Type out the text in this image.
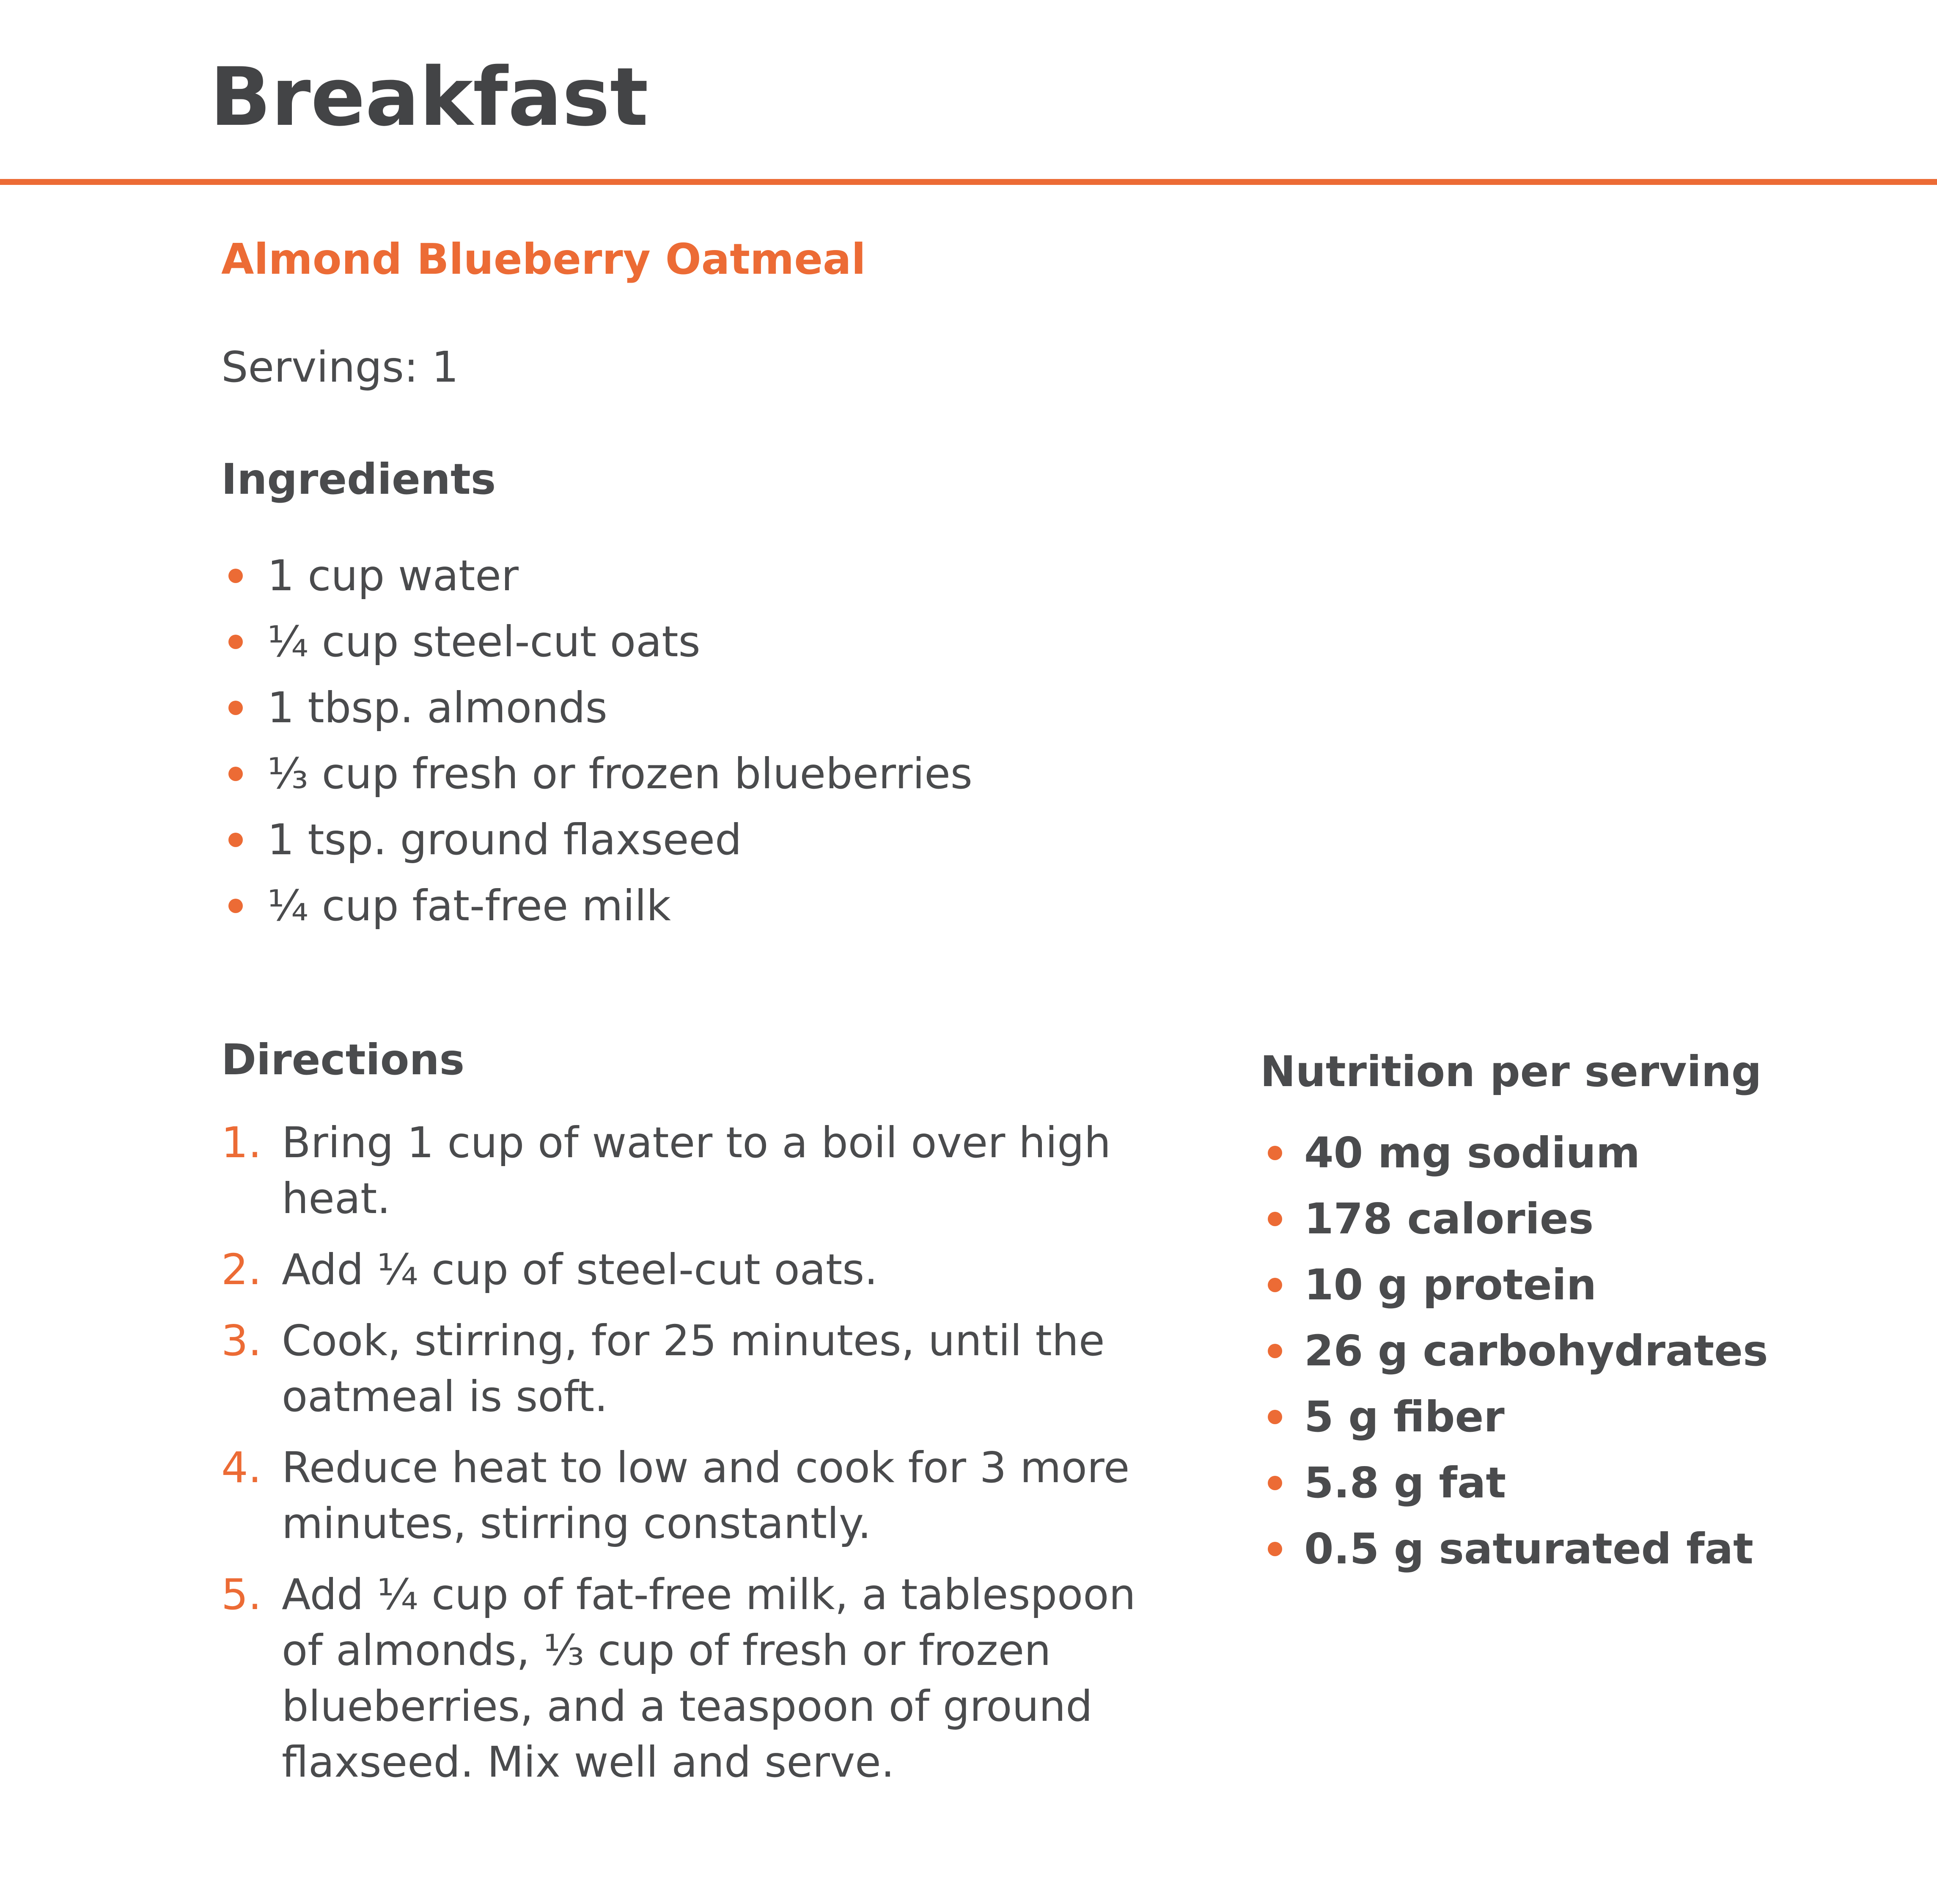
Breakfast
Almond Blueberry Oatmeal
Servings: 1
Ingredients
1 cup water
¼ cup steel-cut oats
1 tbsp. almonds
⅓ cup fresh or frozen blueberries
1 tsp. ground flaxseed
¼ cup fat-free milk
Directions
1. Bring 1 cup of water to a boil over high heat.
2. Add ¼ cup of steel-cut oats.
3. Cook, stirring, for 25 minutes, until the oatmeal is soft.
4. Reduce heat to low and cook for 3 more minutes, stirring constantly.
5. Add ¼ cup of fat-free milk, a tablespoon of almonds, ⅓ cup of fresh or frozen blueberries, and a teaspoon of ground flaxseed. Mix well and serve.
Nutrition per serving
40 mg sodium
178 calories
10 g protein
26 g carbohydrates
5 g fiber
5.8 g fat
0.5 g saturated fat
